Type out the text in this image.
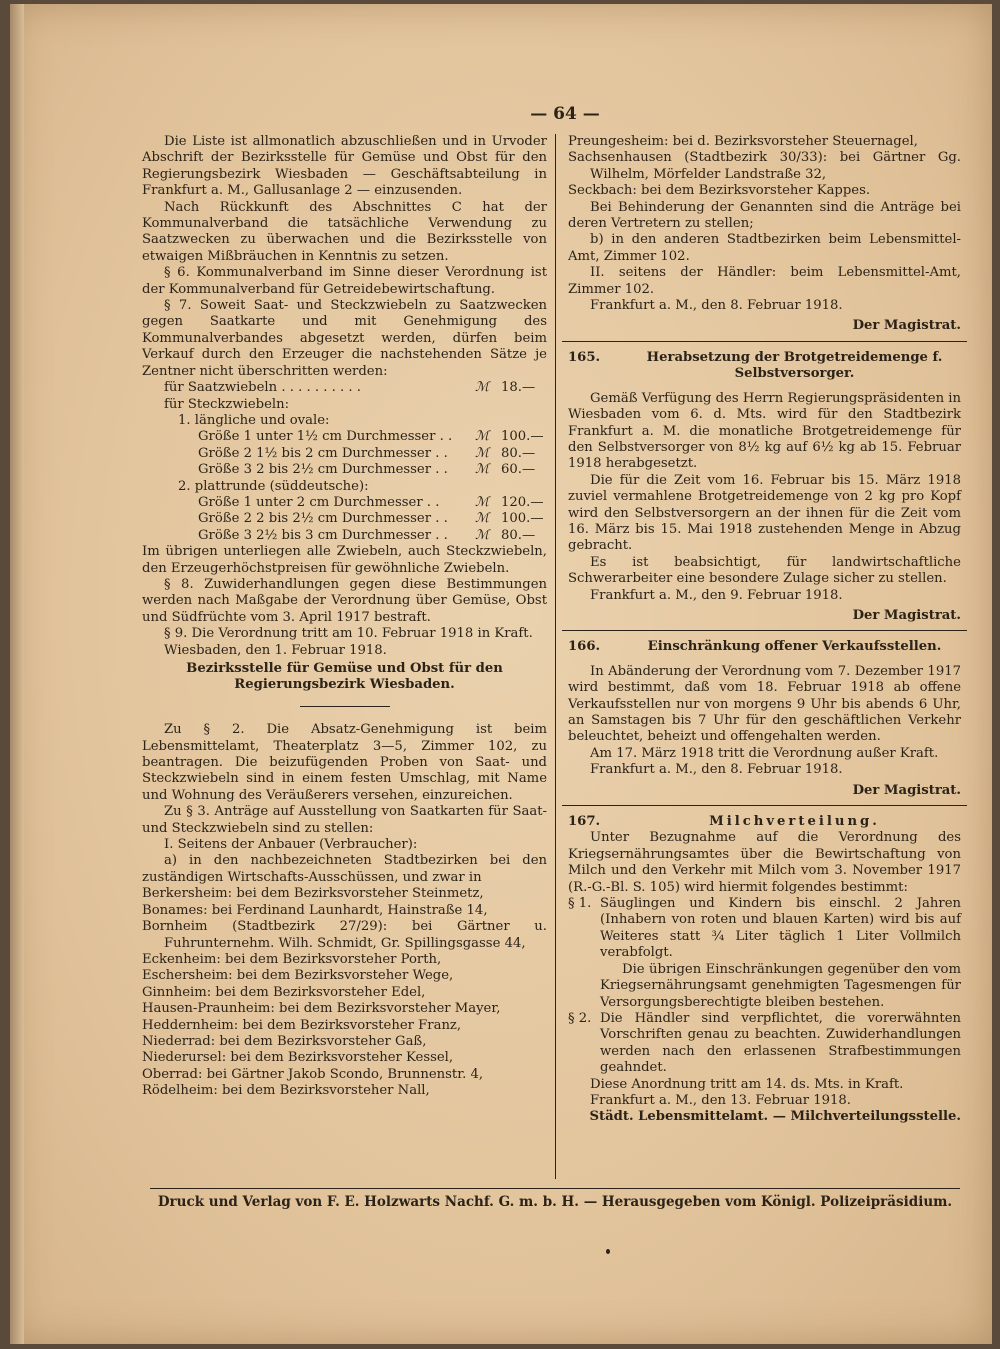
— 64 —

Die Liste ist allmonatlich abzuschließen und in Urvoder Abschrift der Bezirksstelle für Gemüse und Obst für den Regierungsbezirk Wiesbaden — Geschäftsabteilung in Frankfurt a. M., Gallusanlage 2 — einzusenden.

Nach Rückkunft des Abschnittes C hat der Kommunalverband die tatsächliche Verwendung zu Saatzwecken zu überwachen und die Bezirksstelle von etwaigen Mißbräuchen in Kenntnis zu setzen.

§ 6. Kommunalverband im Sinne dieser Verordnung ist der Kommunalverband für Getreidebewirtschaftung.

§ 7. Soweit Saat- und Steckzwiebeln zu Saatzwecken gegen Saatkarte und mit Genehmigung des Kommunalverbandes abgesetzt werden, dürfen beim Verkauf durch den Erzeuger die nachstehenden Sätze je Zentner nicht überschritten werden:

für Saatzwiebeln . . . . . . . . . .	ℳ 18.—

für Steckzwiebeln:

1. längliche und ovale:

Größe 1 unter 1½ cm Durchmesser . .	ℳ 100.—
Größe 2 1½ bis 2 cm Durchmesser . .	ℳ 80.—
Größe 3 2 bis 2½ cm Durchmesser . .	ℳ 60.—

2. plattrunde (süddeutsche):

Größe 1 unter 2 cm Durchmesser . .	ℳ 120.—
Größe 2 2 bis 2½ cm Durchmesser . .	ℳ 100.—
Größe 3 2½ bis 3 cm Durchmesser . .	ℳ 80.—

Im übrigen unterliegen alle Zwiebeln, auch Steckzwiebeln, den Erzeugerhöchstpreisen für gewöhnliche Zwiebeln.

§ 8. Zuwiderhandlungen gegen diese Bestimmungen werden nach Maßgabe der Verordnung über Gemüse, Obst und Südfrüchte vom 3. April 1917 bestraft.

§ 9. Die Verordnung tritt am 10. Februar 1918 in Kraft.

Wiesbaden, den 1. Februar 1918.

Bezirksstelle für Gemüse und Obst für den Regierungsbezirk Wiesbaden.

Zu § 2. Die Absatz-Genehmigung ist beim Lebensmittelamt, Theaterplatz 3—5, Zimmer 102, zu beantragen. Die beizufügenden Proben von Saat- und Steckzwiebeln sind in einem festen Umschlag, mit Name und Wohnung des Veräußerers versehen, einzureichen.

Zu § 3. Anträge auf Ausstellung von Saatkarten für Saat- und Steckzwiebeln sind zu stellen:

I. Seitens der Anbauer (Verbraucher):

a) in den nachbezeichneten Stadtbezirken bei den zuständigen Wirtschafts-Ausschüssen, und zwar in

Berkersheim: bei dem Bezirksvorsteher Steinmetz,

Bonames: bei Ferdinand Launhardt, Hainstraße 14,

Bornheim (Stadtbezirk 27/29): bei Gärtner u. Fuhrunternehm. Wilh. Schmidt, Gr. Spillingsgasse 44,

Eckenheim: bei dem Bezirksvorsteher Porth,

Eschersheim: bei dem Bezirksvorsteher Wege,

Ginnheim: bei dem Bezirksvorsteher Edel,

Hausen-Praunheim: bei dem Bezirksvorsteher Mayer,

Heddernheim: bei dem Bezirksvorsteher Franz,

Niederrad: bei dem Bezirksvorsteher Gaß,

Niederursel: bei dem Bezirksvorsteher Kessel,

Oberrad: bei Gärtner Jakob Scondo, Brunnenstr. 4,

Rödelheim: bei dem Bezirksvorsteher Nall,

Preungesheim: bei d. Bezirksvorsteher Steuernagel,

Sachsenhausen (Stadtbezirk 30/33): bei Gärtner Gg. Wilhelm, Mörfelder Landstraße 32,

Seckbach: bei dem Bezirksvorsteher Kappes.

Bei Behinderung der Genannten sind die Anträge bei deren Vertretern zu stellen;

b) in den anderen Stadtbezirken beim Lebensmittel-Amt, Zimmer 102.

II. seitens der Händler: beim Lebensmittel-Amt, Zimmer 102.

Frankfurt a. M., den 8. Februar 1918.

Der Magistrat.

165.	Herabsetzung der Brotgetreidemenge f. Selbstversorger.

Gemäß Verfügung des Herrn Regierungspräsidenten in Wiesbaden vom 6. d. Mts. wird für den Stadtbezirk Frankfurt a. M. die monatliche Brotgetreidemenge für den Selbstversorger von 8½ kg auf 6½ kg ab 15. Februar 1918 herabgesetzt.

Die für die Zeit vom 16. Februar bis 15. März 1918 zuviel vermahlene Brotgetreidemenge von 2 kg pro Kopf wird den Selbstversorgern an der ihnen für die Zeit vom 16. März bis 15. Mai 1918 zustehenden Menge in Abzug gebracht.

Es ist beabsichtigt, für landwirtschaftliche Schwerarbeiter eine besondere Zulage sicher zu stellen.

Frankfurt a. M., den 9. Februar 1918.

Der Magistrat.

166.	Einschränkung offener Verkaufsstellen.

In Abänderung der Verordnung vom 7. Dezember 1917 wird bestimmt, daß vom 18. Februar 1918 ab offene Verkaufsstellen nur von morgens 9 Uhr bis abends 6 Uhr, an Samstagen bis 7 Uhr für den geschäftlichen Verkehr beleuchtet, beheizt und offengehalten werden.

Am 17. März 1918 tritt die Verordnung außer Kraft.

Frankfurt a. M., den 8. Februar 1918.

Der Magistrat.

167.	Milchverteilung.

Unter Bezugnahme auf die Verordnung des Kriegsernährungsamtes über die Bewirtschaftung von Milch und den Verkehr mit Milch vom 3. November 1917 (R.-G.-Bl. S. 105) wird hiermit folgendes bestimmt:

§ 1. Säuglingen und Kindern bis einschl. 2 Jahren (Inhabern von roten und blauen Karten) wird bis auf Weiteres statt ¾ Liter täglich 1 Liter Vollmilch verabfolgt.

Die übrigen Einschränkungen gegenüber den vom Kriegsernährungsamt genehmigten Tagesmengen für Versorgungsberechtigte bleiben bestehen.

§ 2. Die Händler sind verpflichtet, die vorerwähnten Vorschriften genau zu beachten. Zuwiderhandlungen werden nach den erlassenen Strafbestimmungen geahndet.

Diese Anordnung tritt am 14. ds. Mts. in Kraft.

Frankfurt a. M., den 13. Februar 1918.

Städt. Lebensmittelamt. — Milchverteilungsstelle.

Druck und Verlag von F. E. Holzwarts Nachf. G. m. b. H. — Herausgegeben vom Königl. Polizeipräsidium.
